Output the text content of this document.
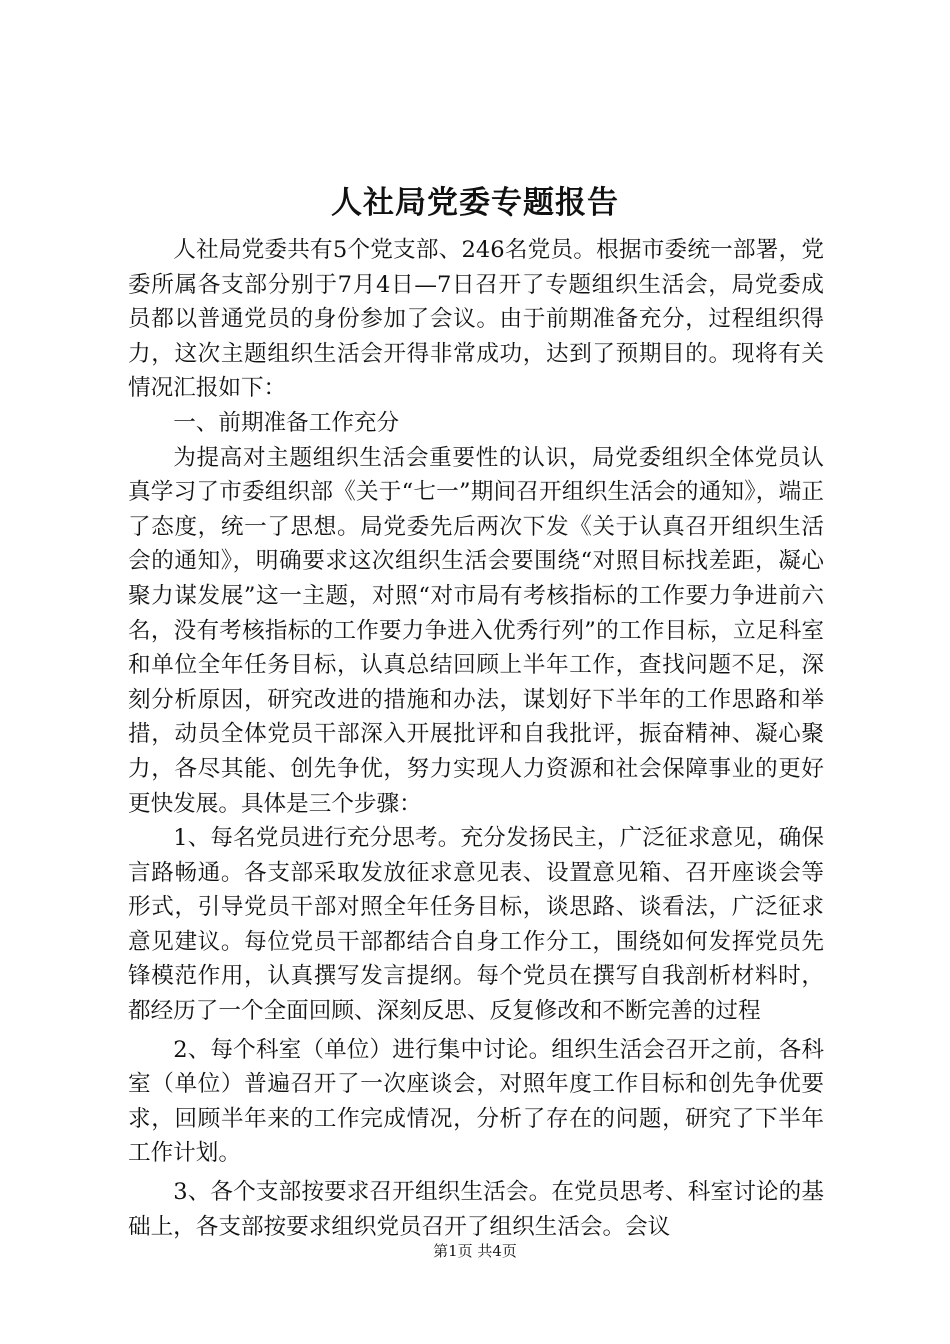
人社局党委专题报告

人社局党委共有5个党支部、246名党员。根据市委统一部署，党委所属各支部分别于7月4日—7日召开了专题组织生活会，局党委成员都以普通党员的身份参加了会议。由于前期准备充分，过程组织得力，这次主题组织生活会开得非常成功，达到了预期目的。现将有关情况汇报如下：

一、前期准备工作充分

为提高对主题组织生活会重要性的认识，局党委组织全体党员认真学习了市委组织部《关于“七一”期间召开组织生活会的通知》，端正了态度，统一了思想。局党委先后两次下发《关于认真召开组织生活会的通知》，明确要求这次组织生活会要围绕“对照目标找差距，凝心聚力谋发展”这一主题，对照“对市局有考核指标的工作要力争进前六名，没有考核指标的工作要力争进入优秀行列”的工作目标，立足科室和单位全年任务目标，认真总结回顾上半年工作，查找问题不足，深刻分析原因，研究改进的措施和办法，谋划好下半年的工作思路和举措，动员全体党员干部深入开展批评和自我批评，振奋精神、凝心聚力，各尽其能、创先争优，努力实现人力资源和社会保障事业的更好更快发展。具体是三个步骤：

1、每名党员进行充分思考。充分发扬民主，广泛征求意见，确保言路畅通。各支部采取发放征求意见表、设置意见箱、召开座谈会等形式，引导党员干部对照全年任务目标，谈思路、谈看法，广泛征求意见建议。每位党员干部都结合自身工作分工，围绕如何发挥党员先锋模范作用，认真撰写发言提纲。每个党员在撰写自我剖析材料时，都经历了一个全面回顾、深刻反思、反复修改和不断完善的过程

2、每个科室（单位）进行集中讨论。组织生活会召开之前，各科室（单位）普遍召开了一次座谈会，对照年度工作目标和创先争优要求，回顾半年来的工作完成情况，分析了存在的问题，研究了下半年工作计划。

3、各个支部按要求召开组织生活会。在党员思考、科室讨论的基础上，各支部按要求组织党员召开了组织生活会。会议

第1页 共4页
